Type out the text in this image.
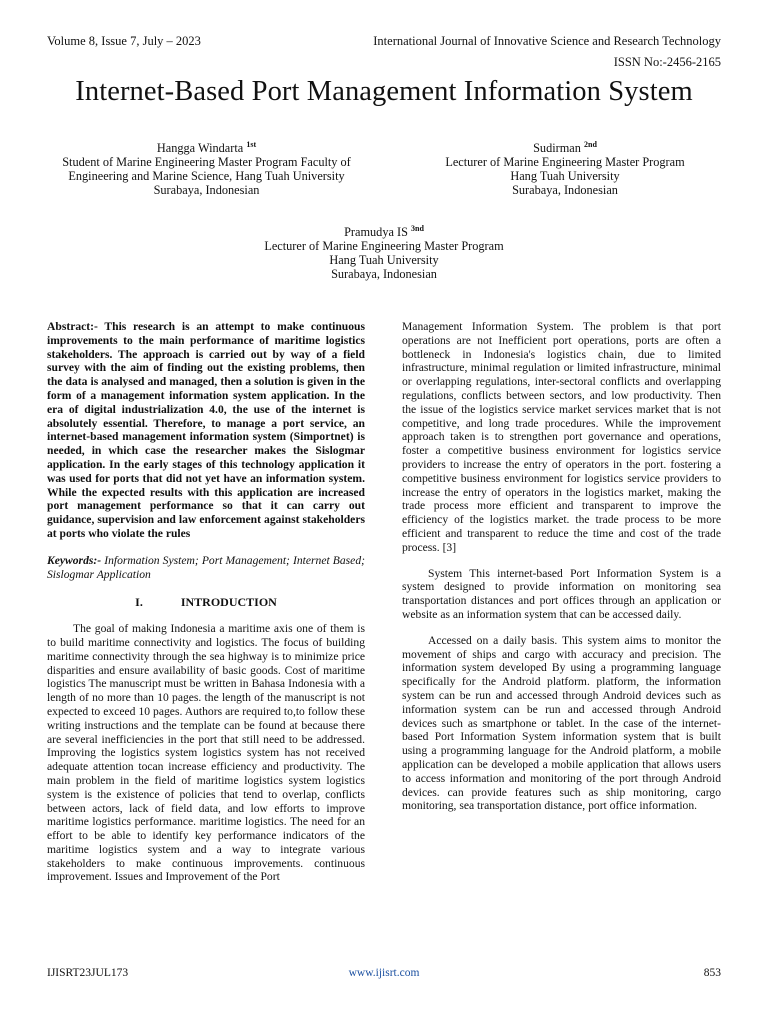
Volume 8, Issue 7, July – 2023	International Journal of Innovative Science and Research Technology
ISSN No:-2456-2165
Internet-Based Port Management Information System
Hangga Windarta $^{1st}$
Student of Marine Engineering Master Program Faculty of
Engineering and Marine Science, Hang Tuah University
Surabaya, Indonesian
Sudirman $^{2nd}$
Lecturer of Marine Engineering Master Program
Hang Tuah University
Surabaya, Indonesian
Pramudya IS $^{3nd}$
Lecturer of Marine Engineering Master Program
Hang Tuah University
Surabaya, Indonesian

Abstract:- This research is an attempt to make continuous improvements to the main performance of maritime logistics stakeholders. The approach is carried out by way of a field survey with the aim of finding out the existing problems, then the data is analysed and managed, then a solution is given in the form of a management information system application. In the era of digital industrialization 4.0, the use of the internet is absolutely essential. Therefore, to manage a port service, an internet-based management information system (Simportnet) is needed, in which case the researcher makes the Sislogmar application. In the early stages of this technology application it was used for ports that did not yet have an information system. While the expected results with this application are increased port management performance so that it can carry out guidance, supervision and law enforcement against stakeholders at ports who violate the rules

Keywords:- Information System; Port Management; Internet Based; Sislogmar Application

I.	INTRODUCTION

The goal of making Indonesia a maritime axis one of them is to build maritime connectivity and logistics. The focus of building maritime connectivity through the sea highway is to minimize price disparities and ensure availability of basic goods. Cost of maritime logistics The manuscript must be written in Bahasa Indonesia with a length of no more than 10 pages. the length of the manuscript is not expected to exceed 10 pages. Authors are required to,to follow these writing instructions and the template can be found at because there are several inefficiencies in the port that still need to be addressed. Improving the logistics system logistics system has not received adequate attention tocan increase efficiency and productivity. The main problem in the field of maritime logistics system logistics system is the existence of policies that tend to overlap, conflicts between actors, lack of field data, and low efforts to improve maritime logistics performance. maritime logistics. The need for an effort to be able to identify key performance indicators of the maritime logistics system and a way to integrate various stakeholders to make continuous improvements. continuous improvement. Issues and Improvement of the Port

Management Information System. The problem is that port operations are not Inefficient port operations, ports are often a bottleneck in Indonesia's logistics chain, due to limited infrastructure, minimal regulation or limited infrastructure, minimal or overlapping regulations, inter-sectoral conflicts and overlapping regulations, conflicts between sectors, and low productivity. Then the issue of the logistics service market services market that is not competitive, and long trade procedures. While the improvement approach taken is to strengthen port governance and operations, foster a competitive business environment for logistics service providers to increase the entry of operators in the port. fostering a competitive business environment for logistics service providers to increase the entry of operators in the logistics market, making the trade process more efficient and transparent to improve the efficiency of the logistics market. the trade process to be more efficient and transparent to reduce the time and cost of the trade process. [3]

System This internet-based Port Information System is a system designed to provide information on monitoring sea transportation distances and port offices through an application or website as an information system that can be accessed daily.

Accessed on a daily basis. This system aims to monitor the movement of ships and cargo with accuracy and precision. The information system developed By using a programming language specifically for the Android platform. platform, the information system can be run and accessed through Android devices such as information system can be run and accessed through Android devices such as smartphone or tablet. In the case of the internet-based Port Information System information system that is built using a programming language for the Android platform, a mobile application can be developed a mobile application that allows users to access information and monitoring of the port through Android devices. can provide features such as ship monitoring, cargo monitoring, sea transportation distance, port office information.

IJISRT23JUL173	www.ijisrt.com	853
